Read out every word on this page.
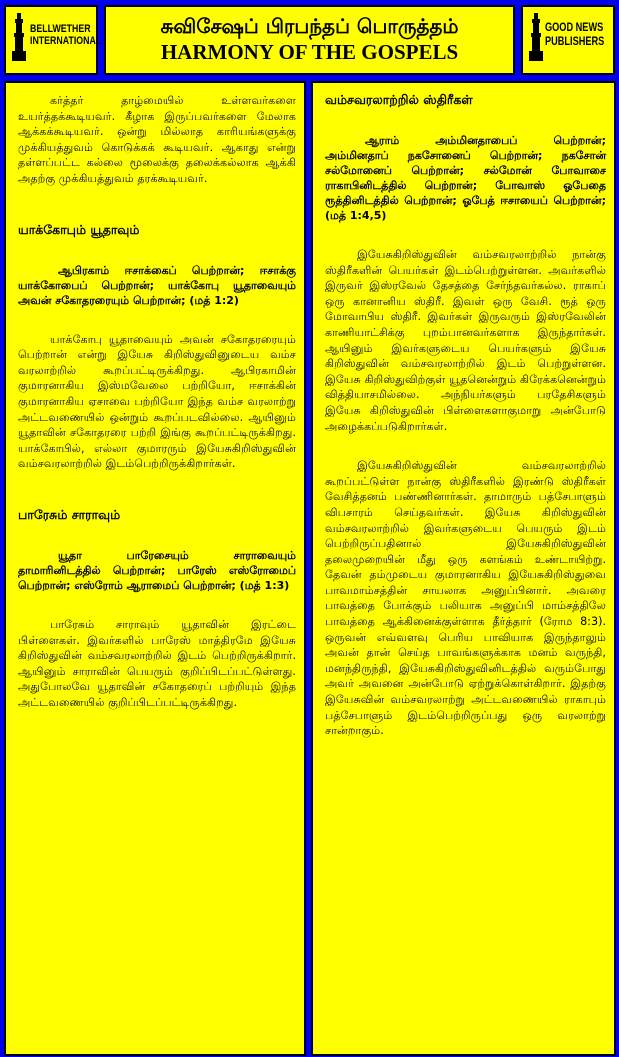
BELLWETHER
INTERNATIONAL
சுவிசேஷப் பிரபந்தப் பொருத்தம்
HARMONY OF THE GOSPELS
GOOD NEWS
PUBLISHERS

கர்த்தர் தாழ்மையில் உள்ளவர்களை உயர்த்தக்கூடியவர். கீழாக இருப்பவர்களை மேலாக ஆக்கக்கூடியவர். ஒன்று மில்லாத காரியங்களுக்கு முக்கியத்துவம் கொடுக்கக் கூடியவர். ஆகாது என்று தள்ளப்பட்ட கல்லை மூலைக்கு தலைக்கல்லாக ஆக்கி அதற்கு முக்கியத்துவம் தரக்கூடியவர்.

யாக்கோபும் யூதாவும்

ஆபிரகாம் ஈசாக்கைப் பெற்றான்; ஈசாக்கு யாக்கோபைப் பெற்றான்; யாக்கோபு யூதாவையும் அவன் சகோதரரையும் பெற்றான்; (மத் 1:2)

யாக்கோபு யூதாவையும் அவன் சகோதரரையும் பெற்றான் என்று இயேசு கிறிஸ்துவினுடைய வம்ச வரலாற்றில் கூறப்பட்டிருக்கிறது. ஆபிரகாமின் குமாரனாகிய இஸ்மவேலை பற்றியோ, ஈசாக்கின் குமாரனாகிய ஏசாவை பற்றியோ இந்த வம்ச வரலாற்று அட்டவணையில் ஒன்றும் கூறப்படவில்லை. ஆயினும் யூதாவின் சகோதரரை பற்றி இங்கு கூறப்பட்டிருக்கிறது. யாக்கோபில், எல்லா குமாரரும் இயேசுகிறிஸ்துவின் வம்சவரலாற்றில் இடம்பெற்றிருக்கிறார்கள்.

பாரேசும் சாராவும்

யூதா பாரேசையும் சாராவையும் தாமாரினிடத்தில் பெற்றான்; பாரேஸ் எஸ்ரோமைப் பெற்றான்; எஸ்ரோம் ஆராமைப் பெற்றான்; (மத் 1:3)

பாரேசும் சாராவும் யூதாவின் இரட்டை பிள்ளைகள். இவர்களில் பாரேஸ் மாத்திரமே இயேசு கிறிஸ்துவின் வம்சவரலாற்றில் இடம் பெற்றிருக்கிறார். ஆயினும் சாராவின் பெயரும் குறிப்பிடப்பட்டுள்ளது. அதுபோலவே யூதாவின் சகோதரைப் பற்றியும் இந்த அட்டவணையில் குறிப்பிடப்பட்டிருக்கிறது.

வம்சவரலாற்றில் ஸ்திரீகள்

ஆராம் அம்மினதாபைப் பெற்றான்; அம்மினதாப் நகசோனைப் பெற்றான்; நகசோன் சல்மோனைப் பெற்றான்; சல்மோன் போவாசை ராகாபினிடத்தில் பெற்றான்; போவாஸ் ஓபேதை ரூத்தினிடத்தில் பெற்றான்; ஓபேத் ஈசாயைப் பெற்றான்; (மத் 1:4,5)

இயேசுகிறிஸ்துவின் வம்சவரலாற்றில் நான்கு ஸ்திரீகளின் பெயர்கள் இடம்பெற்றுள்ளன. அவர்களில் இருவர் இஸ்ரவேல் தேசத்தை சேர்ந்தவர்கல்ல. ராகாப் ஒரு கானானிய ஸ்திரீ. இவள் ஒரு வேசி. ரூத் ஒரு மோவாபிய ஸ்திரீ. இவர்கள் இருவரும் இஸ்ரவேலின் காணியாட்சிக்கு புறம்பானவர்களாக இருந்தார்கள். ஆயினும் இவர்களுடைய பெயர்களும் இயேசு கிறிஸ்துவின் வம்சவரலாற்றில் இடம் பெற்றுள்ளன. இயேசு கிறிஸ்துவிற்குள் யூதனென்றும் கிரேக்கனென்றும் வித்தியாசமில்லை. அந்நியர்களும் பரதேசிகளும் இயேசு கிறிஸ்துவின் பிள்ளைகளாகுமாறு அன்போடு அழைக்கப்படுகிறார்கள்.

இயேசுகிறிஸ்துவின் வம்சவரலாற்றில் கூறப்பட்டுள்ள நான்கு ஸ்திரீகளில் இரண்டு ஸ்திரீகள் வேசித்தனம் பண்ணினார்கள். தாமாரும் பத்சேபாளும் விபசாரம் செய்தவர்கள். இயேசு கிறிஸ்துவின் வம்சவரலாற்றில் இவர்களுடைய பெயரும் இடம் பெற்றிருப்பதினால் இயேசுகிறிஸ்துவின் தலைமுறையின் மீது ஒரு களங்கம் உண்டாயிற்று. தேவன் தம்முடைய குமாரனாகிய இயேசுகிறிஸ்துவை பாவமாம்சத்தின் சாயலாக அனுப்பினார். அவரை பாவத்தை போக்கும் பலியாக அனுப்பி மாம்சத்திலே பாவத்தை ஆக்கினைக்குள்ளாக தீர்த்தார் (ரோம 8:3). ஒருவன் எவ்வளவு பெரிய பாவியாக இருந்தாலும் அவன் தான் செய்த பாவங்களுக்காக மனம் வருந்தி, மனந்திருந்தி, இயேசுகிறிஸ்துவினிடத்தில் வரும்போது அவர் அவனை அன்போடு ஏற்றுக்கொள்கிறார். இதற்கு இயேசுவின் வம்சவரலாற்று அட்டவணையில் ராகாபும் பத்சேபாளும் இடம்பெற்றிருப்பது ஒரு வரலாற்று சான்றாகும்.
